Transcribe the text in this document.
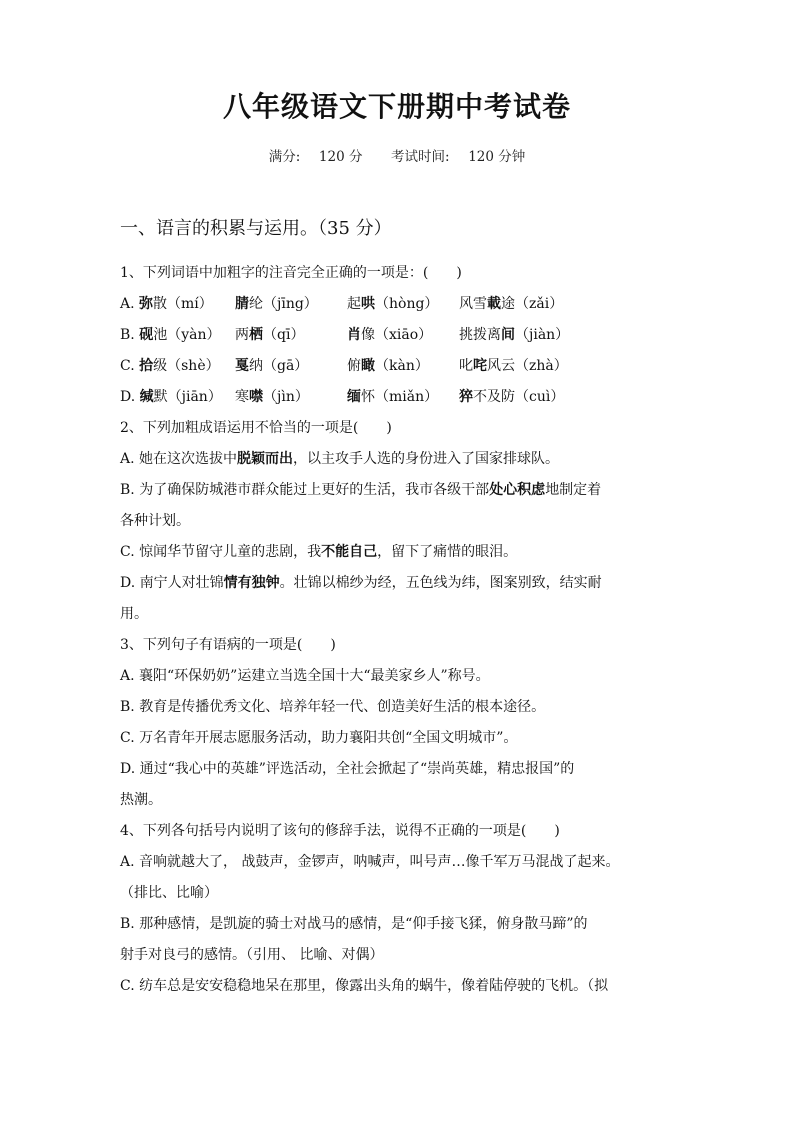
八年级语文下册期中考试卷
满分: 120 分 考试时间: 120 分钟
一、语言的积累与运用。（35 分）
1、下列词语中加粗字的注音完全正确的一项是：(　　)
A. 弥散（mí）	腈纶（jīng）	起哄（hòng）	风雪載途（zǎi）
B. 砚池（yàn）	两栖（qī）	肖像（xiāo）	挑拨离间（jiàn）
C. 拾级（shè）	戛纳（gā）	俯瞰（kàn）	叱咤风云（zhà）
D. 缄默（jiān） 寒噤（jìn）	缅怀（miǎn）	猝不及防（cuì）
2、下列加粗成语运用不恰当的一项是(　　)
A. 她在这次选拔中脱颖而出，以主攻手人选的身份进入了国家排球队。
B. 为了确保防城港市群众能过上更好的生活，我市各级干部处心积虑地制定着
各种计划。
C. 惊闻华节留守儿童的悲剧，我不能自己，留下了痛惜的眼泪。
D. 南宁人对壮锦情有独钟。壮锦以棉纱为经，五色线为纬，图案别致，结实耐
用。
3、下列句子有语病的一项是(　　)
A. 襄阳“环保奶奶”运建立当选全国十大“最美家乡人”称号。
B. 教育是传播优秀文化、培养年轻一代、创造美好生活的根本途径。
C. 万名青年开展志愿服务活动，助力襄阳共创“全国文明城市”。
D. 通过“我心中的英雄”评选活动，全社会掀起了“崇尚英雄，精忠报国”的
热潮。
4、下列各句括号内说明了该句的修辞手法，说得不正确的一项是(　　)
A. 音响就越大了， 战鼓声，金锣声，呐喊声，叫号声…像千军万马混战了起来。
（排比、比喻）
B. 那种感情，是凯旋的骑士对战马的感情，是“仰手接飞猱，俯身散马蹄”的
射手对良弓的感情。（引用、 比喻、对偶）
C. 纺车总是安安稳稳地呆在那里，像露出头角的蜗牛，像着陆停驶的飞机。（拟
